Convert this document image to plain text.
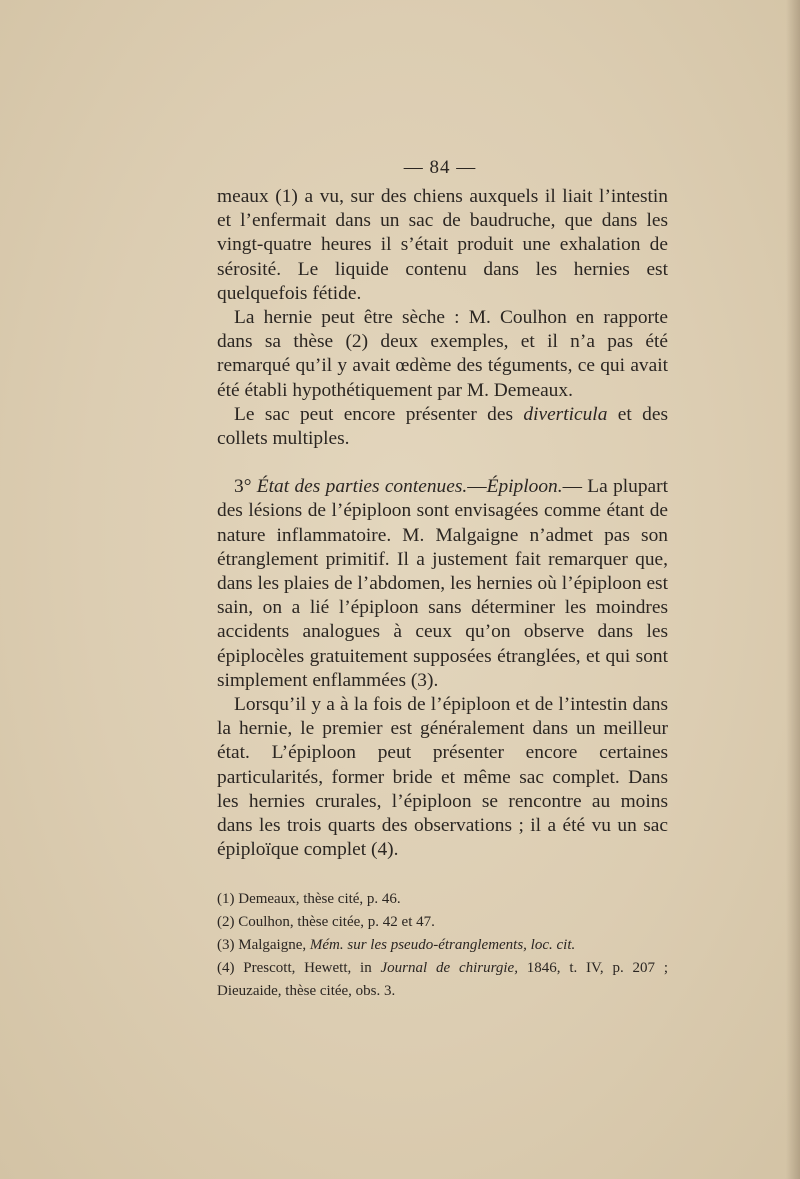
— 84 —

meaux (1) a vu, sur des chiens auxquels il liait l’intestin et l’enfermait dans un sac de baudruche, que dans les vingt-quatre heures il s’était produit une exhalation de sérosité. Le liquide contenu dans les hernies est quelquefois fétide.

La hernie peut être sèche : M. Coulhon en rapporte dans sa thèse (2) deux exemples, et il n’a pas été remarqué qu’il y avait œdème des téguments, ce qui avait été établi hypothétiquement par M. Demeaux.

Le sac peut encore présenter des diverticula et des collets multiples.

3° État des parties contenues.—Épiploon.— La plupart des lésions de l’épiploon sont envisagées comme étant de nature inflammatoire. M. Malgaigne n’admet pas son étranglement primitif. Il a justement fait remarquer que, dans les plaies de l’abdomen, les hernies où l’épiploon est sain, on a lié l’épiploon sans déterminer les moindres accidents analogues à ceux qu’on observe dans les épiplocèles gratuitement supposées étranglées, et qui sont simplement enflammées (3).

Lorsqu’il y a à la fois de l’épiploon et de l’intestin dans la hernie, le premier est généralement dans un meilleur état. L’épiploon peut présenter encore certaines particularités, former bride et même sac complet. Dans les hernies crurales, l’épiploon se rencontre au moins dans les trois quarts des observations ; il a été vu un sac épiploïque complet (4).

(1) Demeaux, thèse cité, p. 46.

(2) Coulhon, thèse citée, p. 42 et 47.

(3) Malgaigne, Mém. sur les pseudo-étranglements, loc. cit.

(4) Prescott, Hewett, in Journal de chirurgie, 1846, t. IV, p. 207 ; Dieuzaide, thèse citée, obs. 3.
